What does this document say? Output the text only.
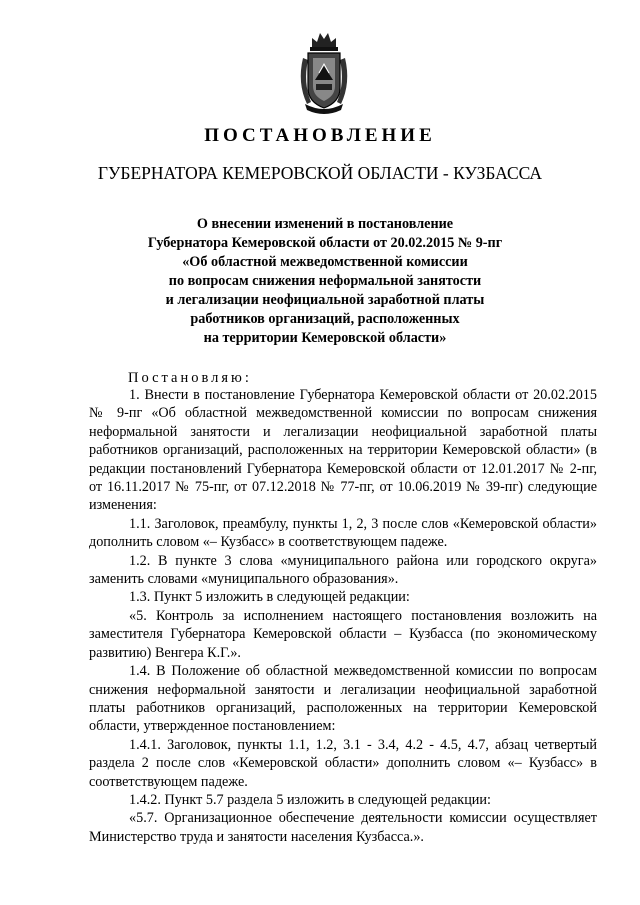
ПОСТАНОВЛЕНИЕ
ГУБЕРНАТОРА КЕМЕРОВСКОЙ ОБЛАСТИ - КУЗБАССА
О внесении изменений в постановление
Губернатора Кемеровской области от 20.02.2015 № 9-пг
«Об областной межведомственной комиссии
по вопросам снижения неформальной занятости
и легализации неофициальной заработной платы
работников организаций, расположенных
на территории Кемеровской области»
Постановляю:

1. Внести в постановление Губернатора Кемеровской области от 20.02.2015 № 9-пг «Об областной межведомственной комиссии по вопросам снижения неформальной занятости и легализации неофициальной заработной платы работников организаций, расположенных на территории Кемеровской области» (в редакции постановлений Губернатора Кемеровской области от 12.01.2017 № 2-пг, от 16.11.2017 № 75-пг, от 07.12.2018 № 77-пг, от 10.06.2019 № 39-пг) следующие изменения:

1.1. Заголовок, преамбулу, пункты 1, 2, 3 после слов «Кемеровской области» дополнить словом «– Кузбасс» в соответствующем падеже.

1.2. В пункте 3 слова «муниципального района или городского округа» заменить словами «муниципального образования».

1.3. Пункт 5 изложить в следующей редакции:

«5. Контроль за исполнением настоящего постановления возложить на заместителя Губернатора Кемеровской области – Кузбасса (по экономическому развитию) Венгера К.Г.».

1.4. В Положение об областной межведомственной комиссии по вопросам снижения неформальной занятости и легализации неофициальной заработной платы работников организаций, расположенных на территории Кемеровской области, утвержденное постановлением:

1.4.1. Заголовок, пункты 1.1, 1.2, 3.1 - 3.4, 4.2 - 4.5, 4.7, абзац четвертый раздела 2 после слов «Кемеровской области» дополнить словом «– Кузбасс» в соответствующем падеже.

1.4.2. Пункт 5.7 раздела 5 изложить в следующей редакции:

«5.7. Организационное обеспечение деятельности комиссии осуществляет Министерство труда и занятости населения Кузбасса.».
